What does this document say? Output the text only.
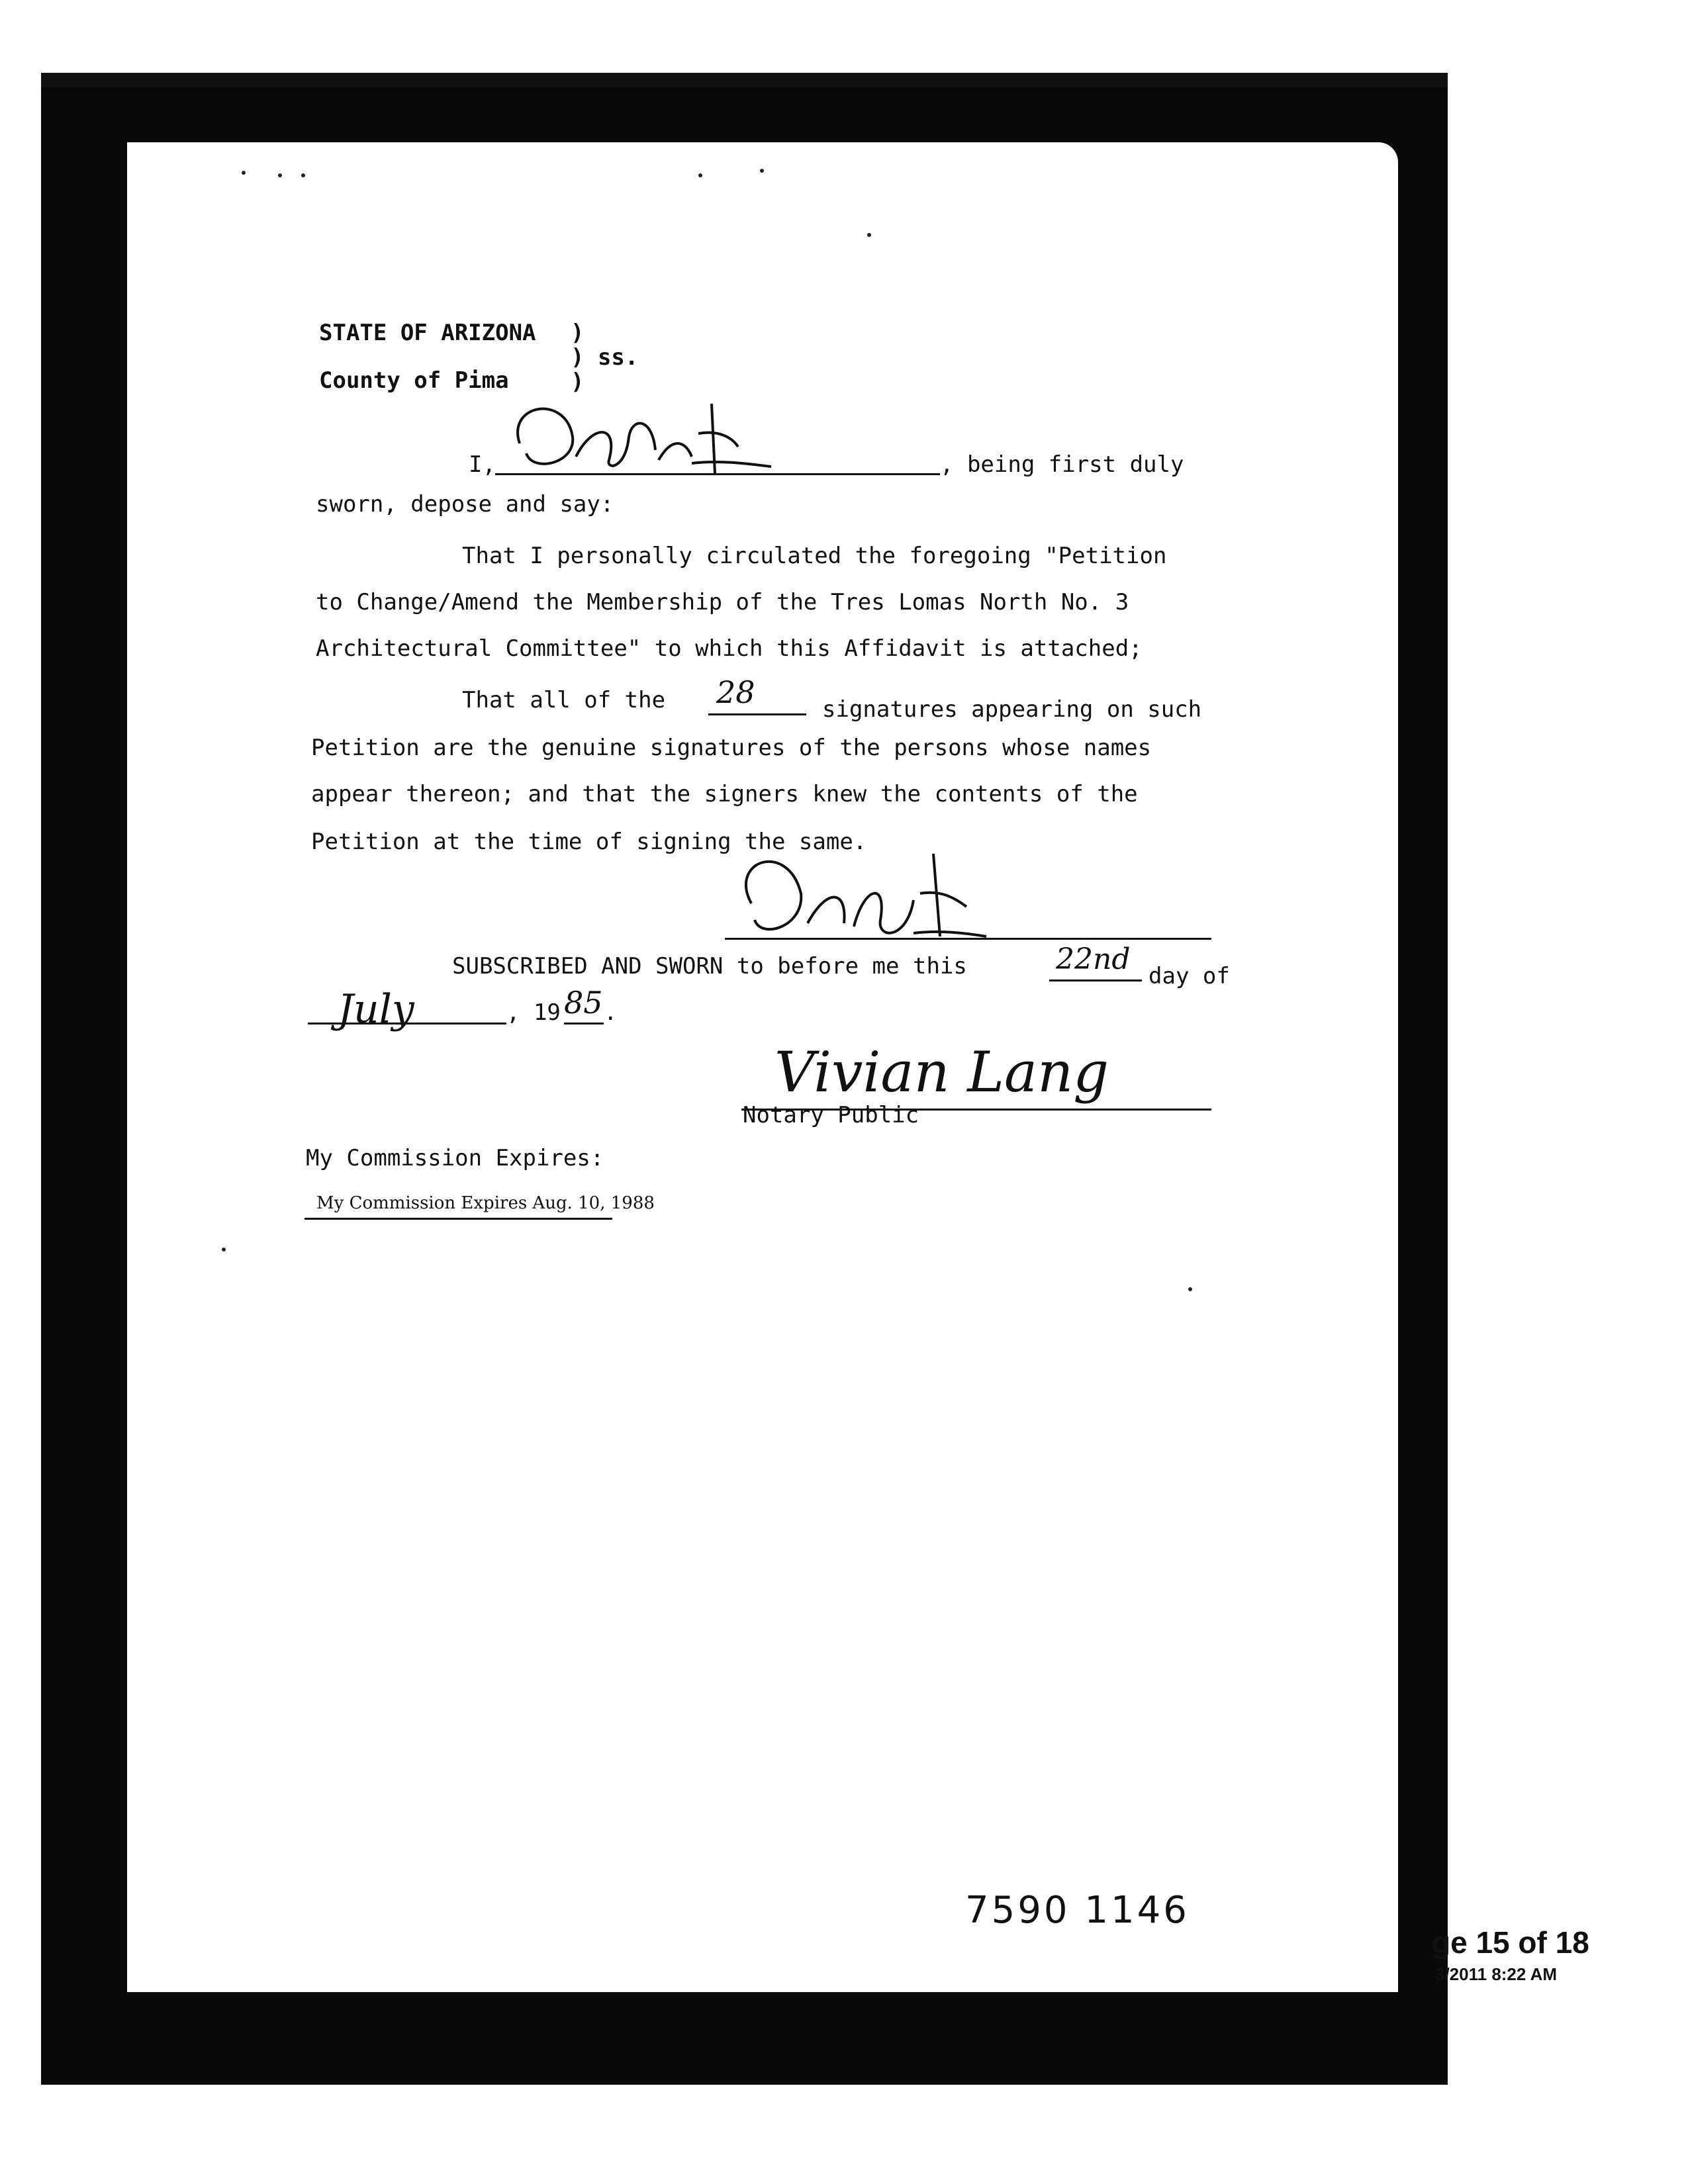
STATE OF ARIZONA )
) ss.
County of Pima	)
I,	, being first duly
sworn, depose and say:
That I personally circulated the foregoing "Petition
to Change/Amend the Membership of the Tres Lomas North No. 3
Architectural Committee" to which this Affidavit is attached;
That all of the 28	signatures appearing on such
Petition are the genuine signatures of the persons whose names
appear thereon; and that the signers knew the contents of the
Petition at the time of signing the same.
SUBSCRIBED AND SWORN to before me this	22nd day of
July	, 19 85 .
Vivian Lang
Notary Public
My Commission Expires:
My Commission Expires Aug. 10, 1988
7590 1146
ge 15 of 18
3/2011 8:22 AM
